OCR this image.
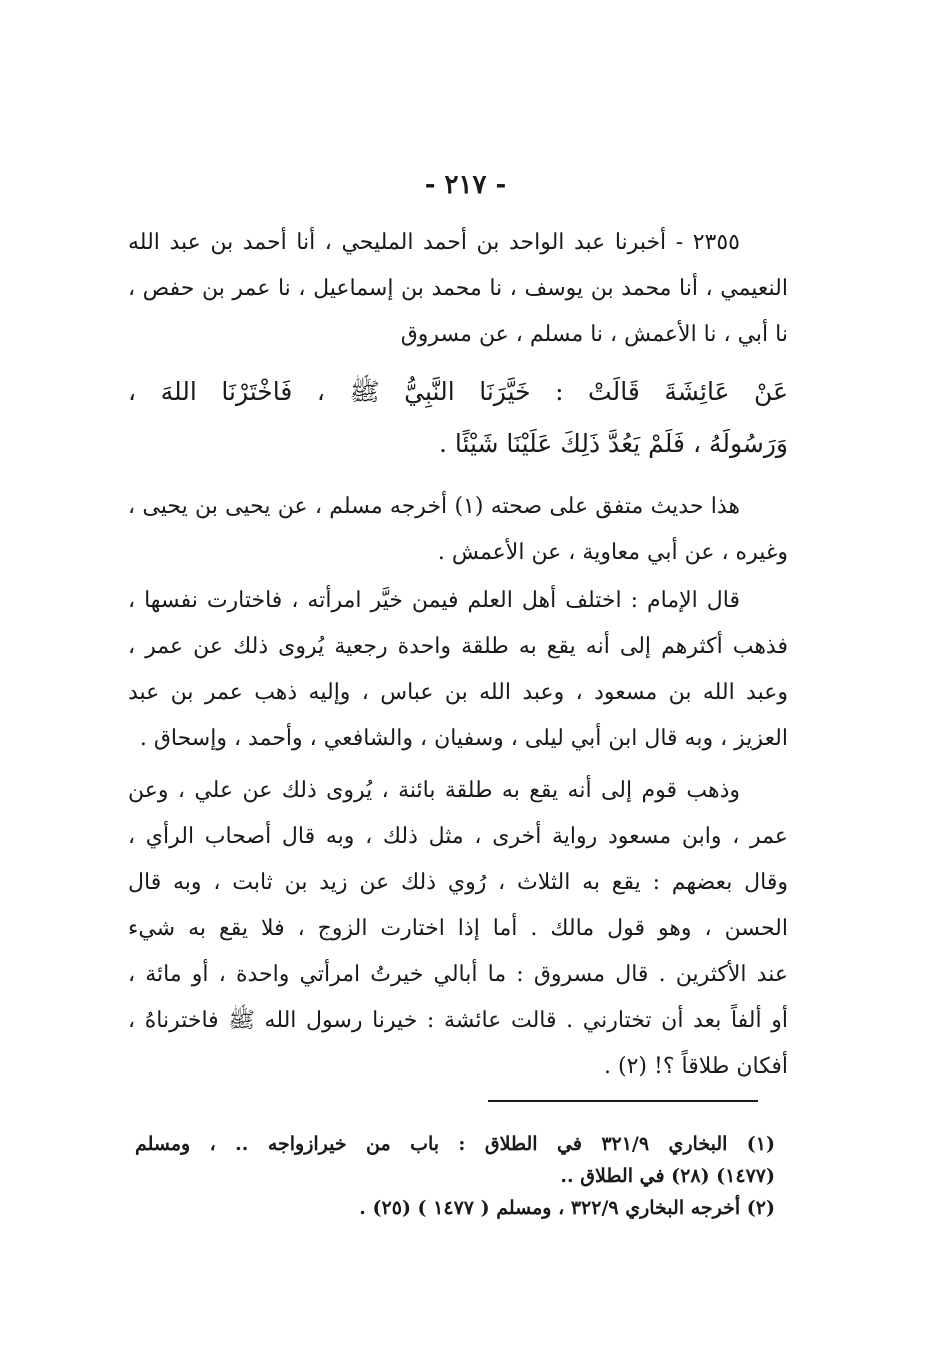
- ٢١٧ -
٢٣٥٥ - أخبرنا عبد الواحد بن أحمد المليحي ، أنا أحمد بن عبد الله
النعيمي ، أنا محمد بن يوسف ، نا محمد بن إسماعيل ، نا عمر بن حفص ،
نا أبي ، نا الأعمش ، نا مسلم ، عن مسروق
عَنْ عَائِشَةَ قَالَتْ : خَيَّرَنَا النَّبِيُّ ﷺ ، فَاخْتَرْنَا اللهَ ،
وَرَسُولَهُ ، فَلَمْ يَعُدَّ ذَلِكَ عَلَيْنَا شَيْئًا .
هذا حديث متفق على صحته (١) أخرجه مسلم ، عن يحيى بن يحيى ،
وغيره ، عن أبي معاوية ، عن الأعمش .
قال الإمام : اختلف أهل العلم فيمن خيَّر امرأته ، فاختارت نفسها ،
فذهب أكثرهم إلى أنه يقع به طلقة واحدة رجعية يُروى ذلك عن عمر ،
وعبد الله بن مسعود ، وعبد الله بن عباس ، وإليه ذهب عمر بن عبد
العزيز ، وبه قال ابن أبي ليلى ، وسفيان ، والشافعي ، وأحمد ، وإسحاق .
وذهب قوم إلى أنه يقع به طلقة بائنة ، يُروى ذلك عن علي ، وعن
عمر ، وابن مسعود رواية أخرى ، مثل ذلك ، وبه قال أصحاب الرأي ،
وقال بعضهم : يقع به الثلاث ، رُوي ذلك عن زيد بن ثابت ، وبه قال
الحسن ، وهو قول مالك . أما إذا اختارت الزوج ، فلا يقع به شيء
عند الأكثرين . قال مسروق : ما أبالي خيرتُ امرأتي واحدة ، أو مائة ،
أو ألفاً بعد أن تختارني . قالت عائشة : خيرنا رسول الله ﷺ فاخترناهُ ،
أفكان طلاقاً ؟! (٢) .
(١) البخاري ٣٢١/٩ في الطلاق : باب من خيرازواجه .. ، ومسلم
(١٤٧٧) (٢٨) في الطلاق ..
(٢) أخرجه البخاري ٣٢٢/٩ ، ومسلم ( ١٤٧٧ ) (٢٥) .
